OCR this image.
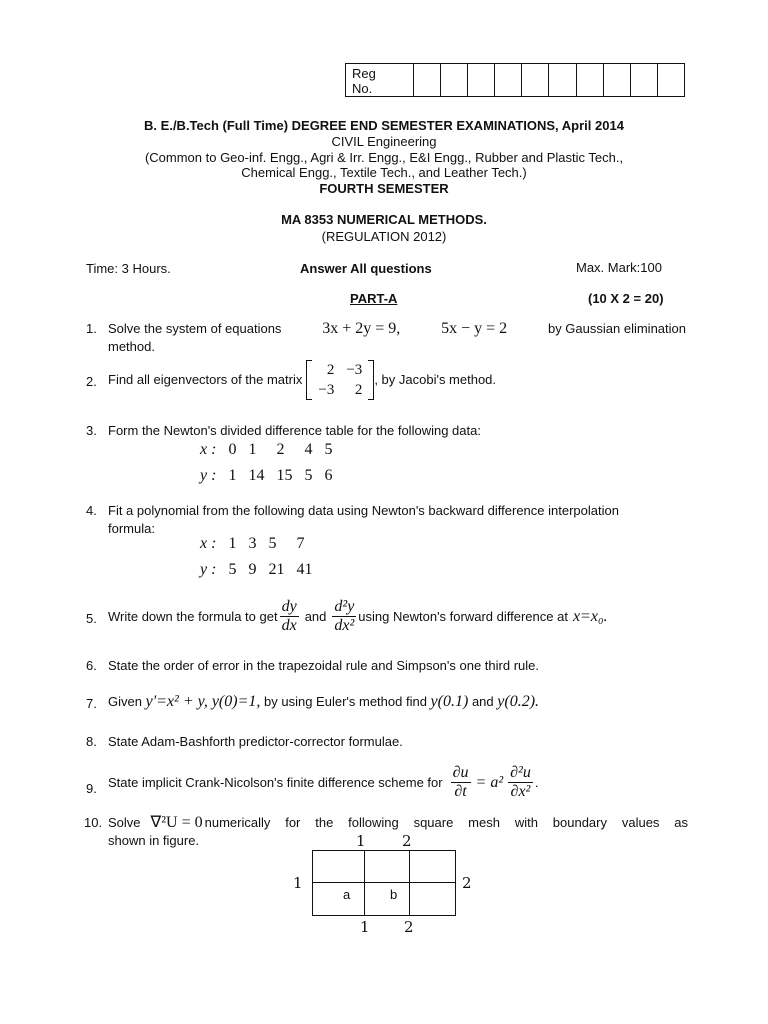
Reg
No.
B. E./B.Tech (Full Time) DEGREE END SEMESTER EXAMINATIONS, April 2014
CIVIL Engineering
(Common to Geo-inf. Engg., Agri & Irr. Engg., E&I Engg., Rubber and Plastic Tech.,
Chemical Engg., Textile Tech., and Leather Tech.)
FOURTH SEMESTER
MA 8353 NUMERICAL METHODS.
(REGULATION 2012)
Time: 3 Hours.	Answer All questions	Max. Mark:100
PART-A	(10 X 2 = 20)
1. Solve the system of equations	3x + 2y = 9,	5x − y = 2	by Gaussian elimination
method.
2. Find all eigenvectors of the matrix
2	−3
−3	2
, by Jacobi's method.
3. Form the Newton's divided difference table for the following data:
x :	0	1	2	4	5
y :	1	14	15	5	6
4. Fit a polynomial from the following data using Newton's backward difference interpolation
formula:
x :	1	3	5	7
y :	5	9	21	41
5. Write down the formula to get $\frac{dy}{dx}$ and $\frac{\text{d²y}}{\text{dx²}}$ using Newton's forward difference at x=x₀.
6. State the order of error in the trapezoidal rule and Simpson's one third rule.
7. Given y'=x² + y, y(0)=1, by using Euler's method find y(0.1) and y(0.2).
8. State Adam-Bashforth predictor-corrector formulae.
9. State implicit Crank-Nicolson's finite difference scheme for $\frac{\partial u}{\partial t} = a^2 \frac{\text{∂²u}}{\text{∂x²}}$ .
10. Solve ∇²U = 0 numerically for the following square mesh with boundary values as
shown in figure.	1 2
1	2
1 2
a	b
